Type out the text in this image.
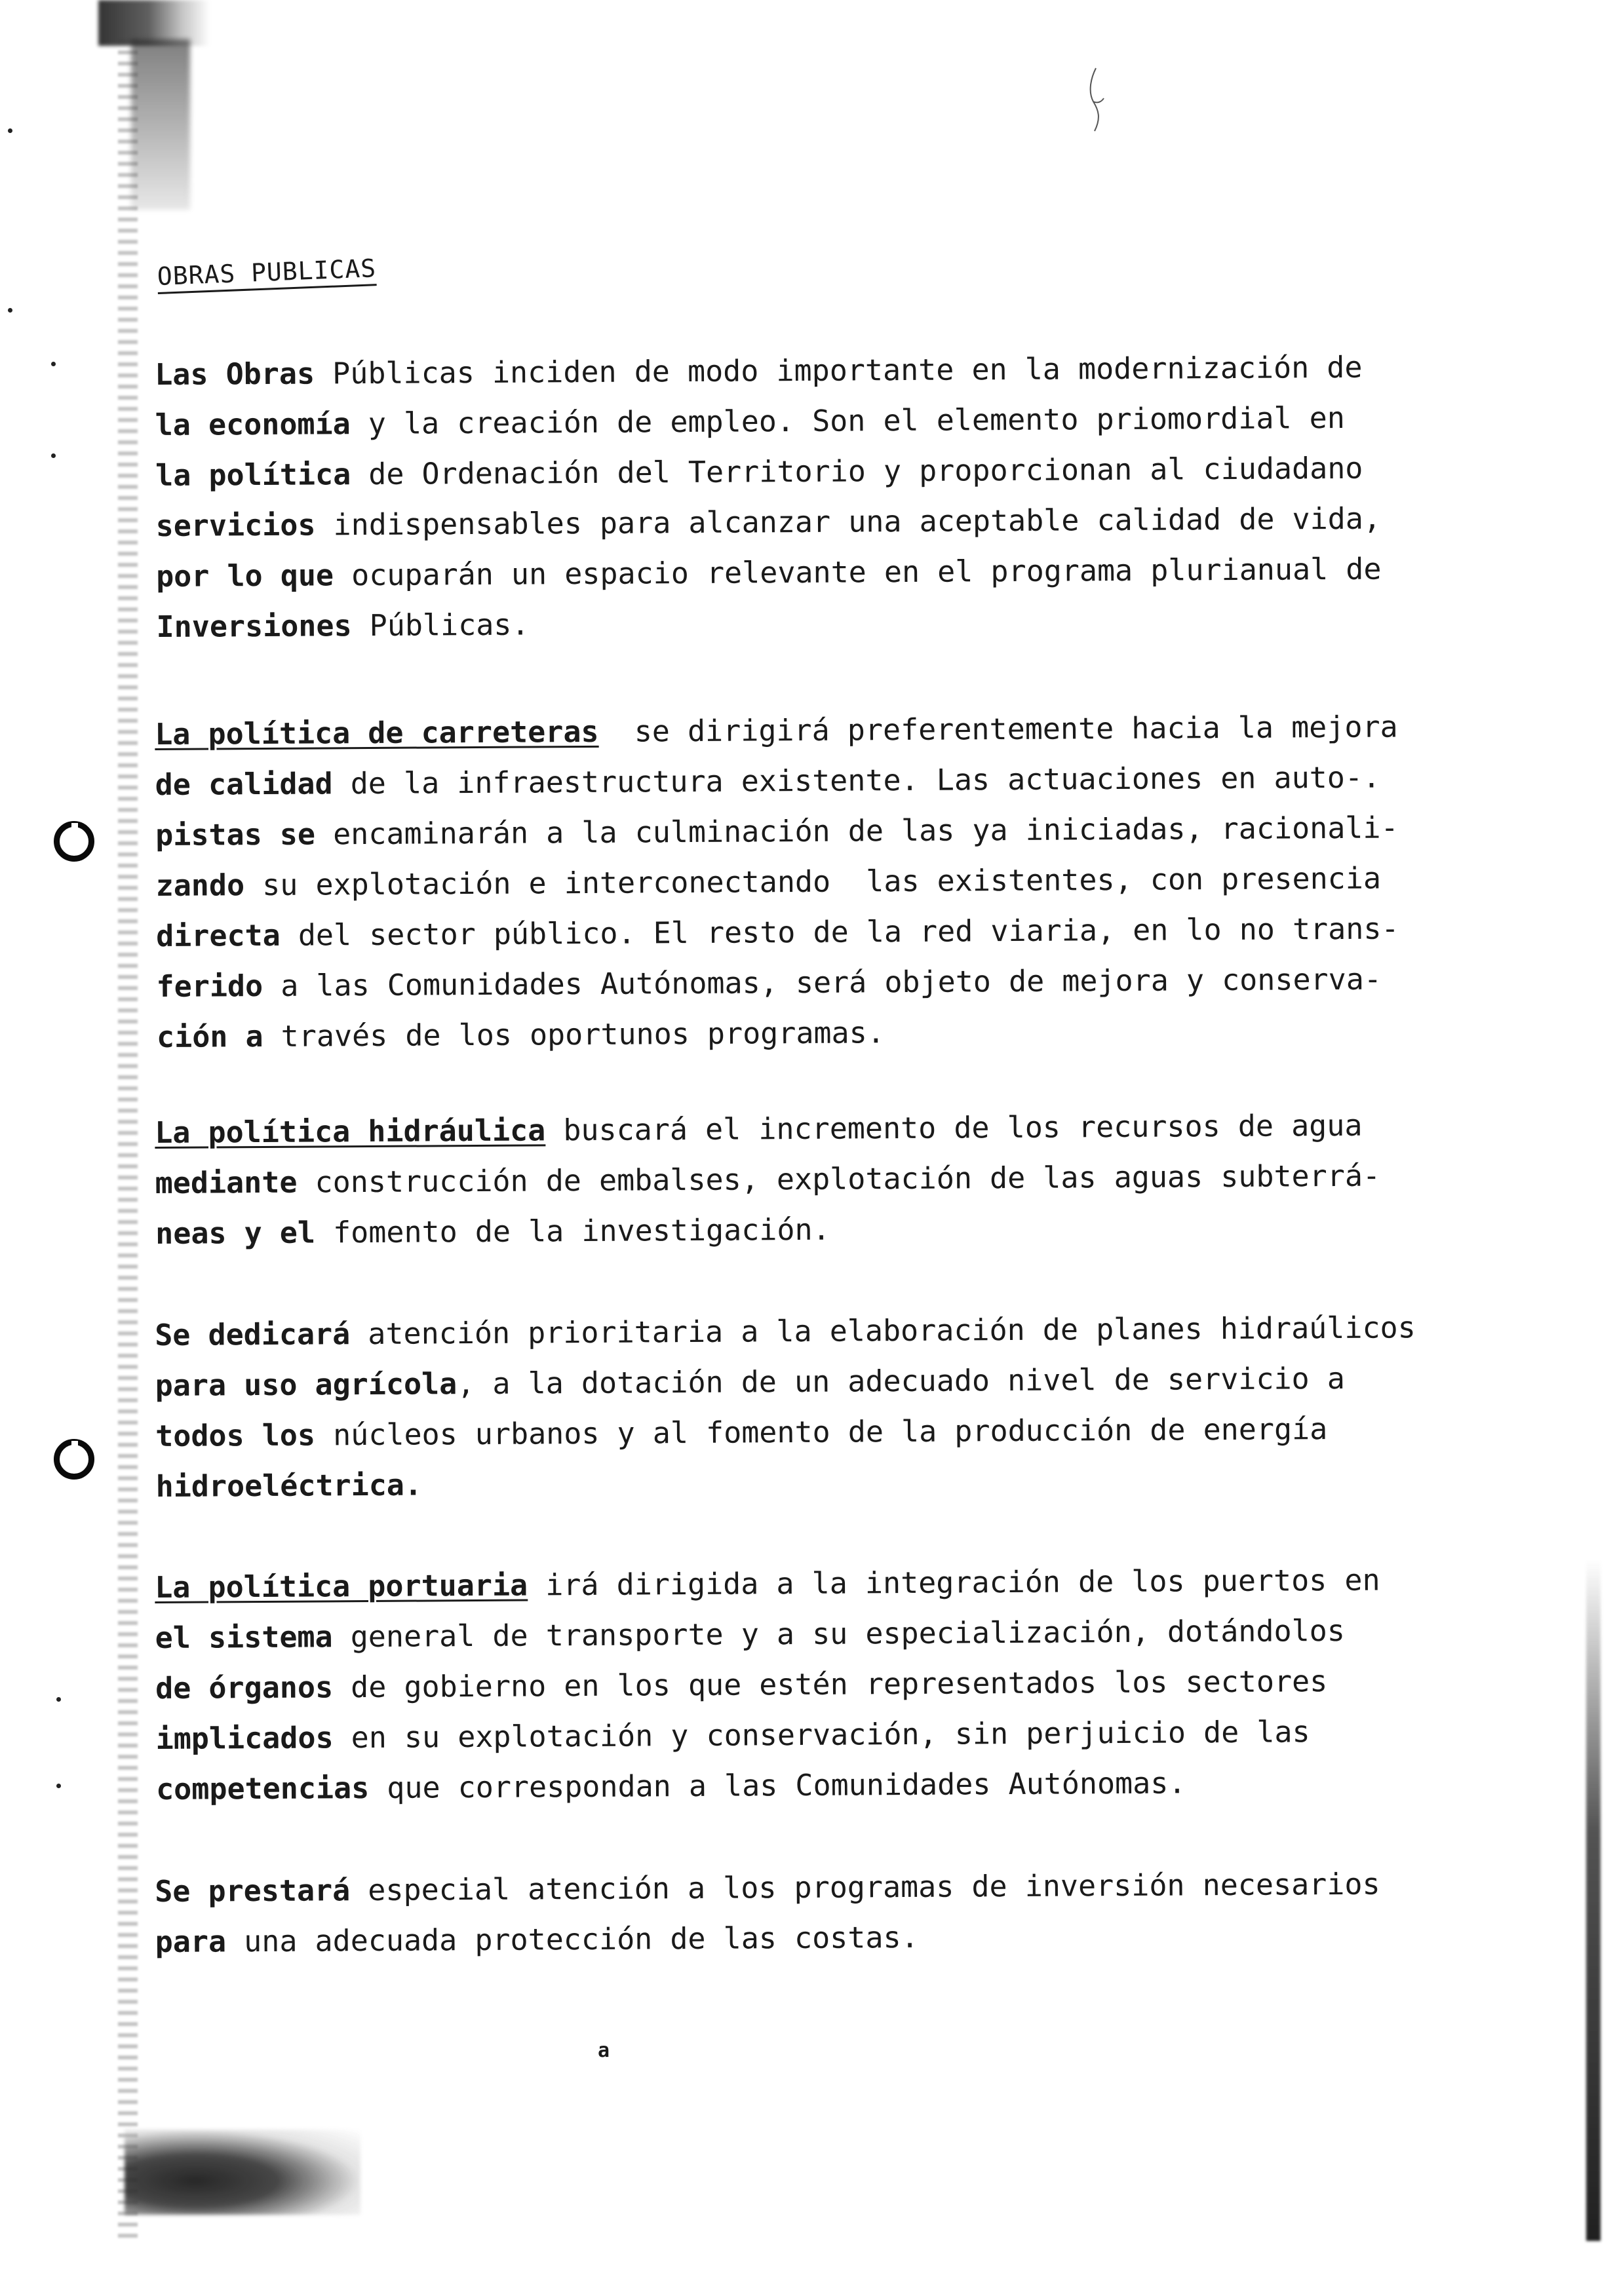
OBRAS PUBLICAS
Las Obras Públicas inciden de modo importante en la modernización de
la economía y la creación de empleo. Son el elemento priomordial en
la política de Ordenación del Territorio y proporcionan al ciudadano
servicios indispensables para alcanzar una aceptable calidad de vida,
por lo que ocuparán un espacio relevante en el programa plurianual de
Inversiones Públicas.
La política de carreteras  se dirigirá preferentemente hacia la mejora
de calidad de la infraestructura existente. Las actuaciones en auto-.
pistas se encaminarán a la culminación de las ya iniciadas, racionali-
zando su explotación e interconectando  las existentes, con presencia
directa del sector público. El resto de la red viaria, en lo no trans-
ferido a las Comunidades Autónomas, será objeto de mejora y conserva-
ción a través de los oportunos programas.
La política hidráulica buscará el incremento de los recursos de agua
mediante construcción de embalses, explotación de las aguas subterrá-
neas y el fomento de la investigación.
Se dedicará atención prioritaria a la elaboración de planes hidraúlicos
para uso agrícola, a la dotación de un adecuado nivel de servicio a
todos los núcleos urbanos y al fomento de la producción de energía
hidroeléctrica.
La política portuaria irá dirigida a la integración de los puertos en
el sistema general de transporte y a su especialización, dotándolos
de órganos de gobierno en los que estén representados los sectores
implicados en su explotación y conservación, sin perjuicio de las
competencias que correspondan a las Comunidades Autónomas.
Se prestará especial atención a los programas de inversión necesarios
para una adecuada protección de las costas.
a
